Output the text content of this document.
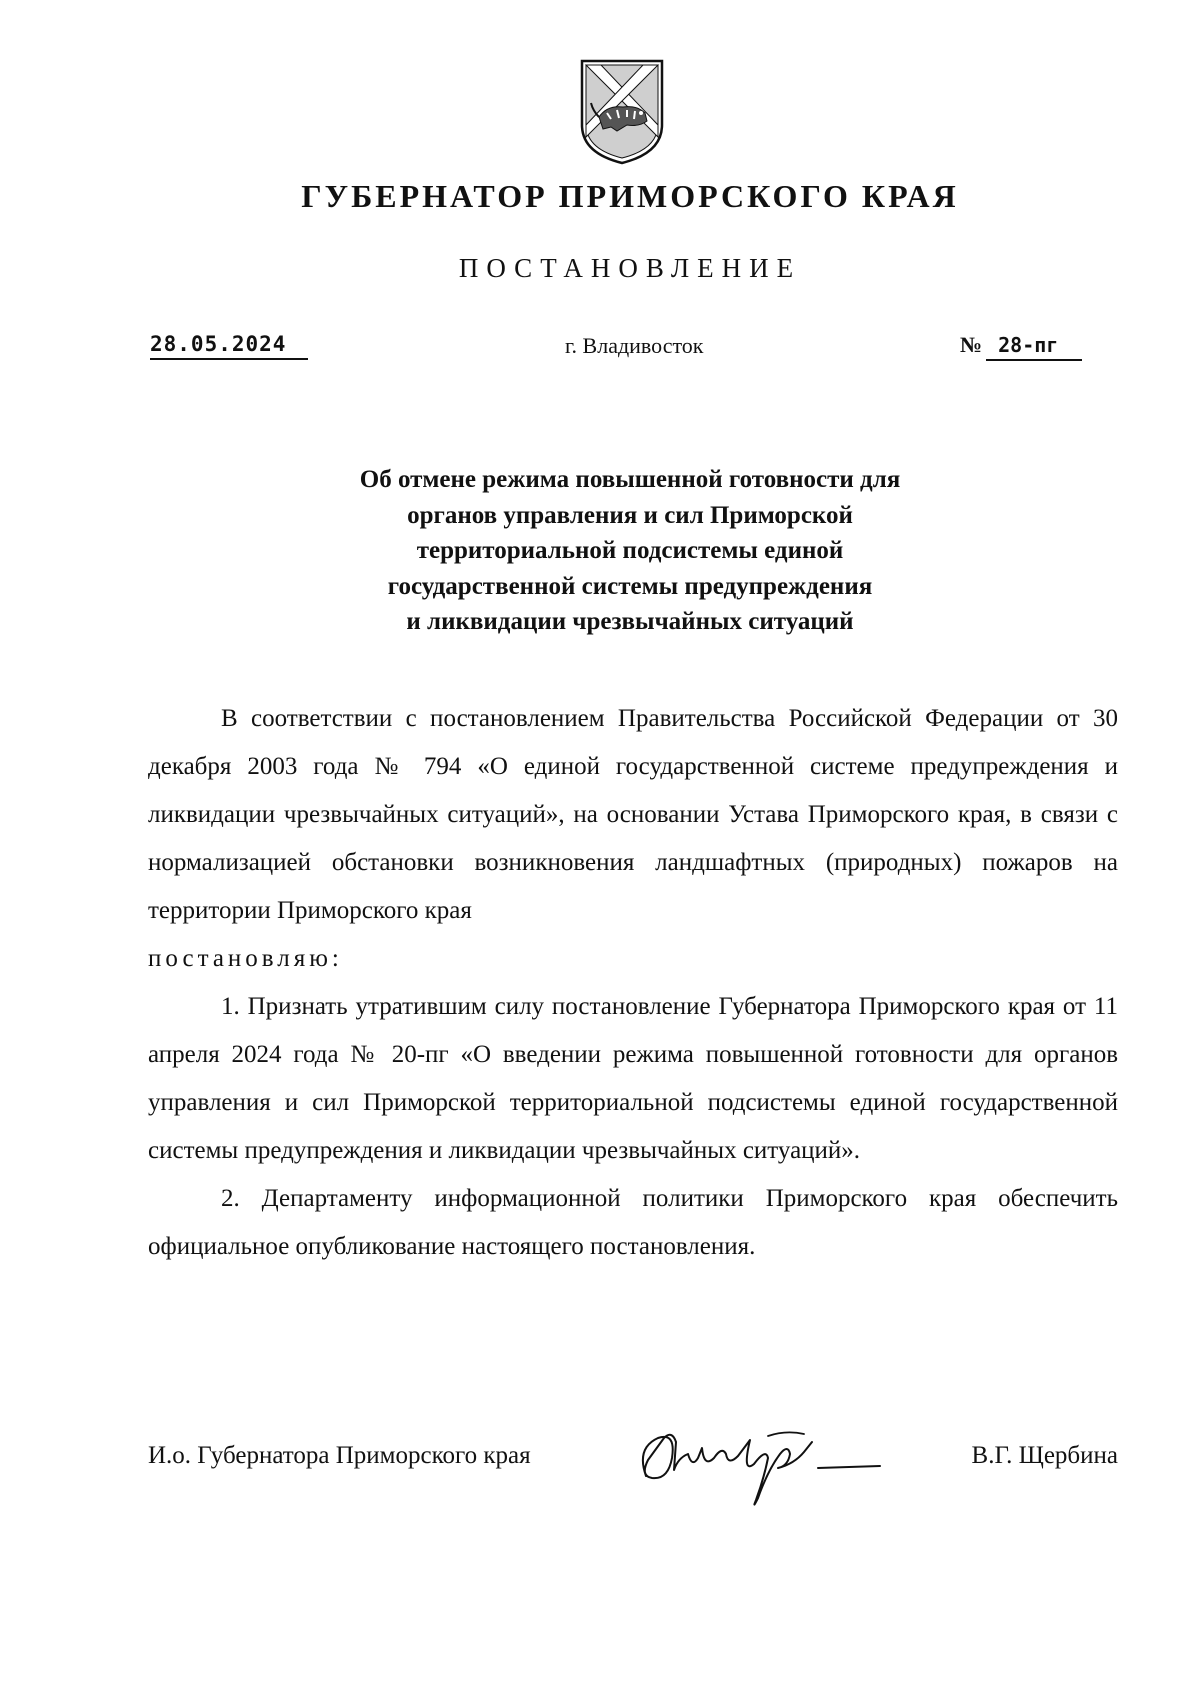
ГУБЕРНАТОР ПРИМОРСКОГО КРАЯ
ПОСТАНОВЛЕНИЕ
28.05.2024	г. Владивосток	№ 28-пг
Об отмене режима повышенной готовности для
органов управления и сил Приморской
территориальной подсистемы единой
государственной системы предупреждения
и ликвидации чрезвычайных ситуаций

В соответствии с постановлением Правительства Российской Федерации от 30 декабря 2003 года № 794 «О единой государственной системе предупреждения и ликвидации чрезвычайных ситуаций», на основании Устава Приморского края, в связи с нормализацией обстановки возникновения ландшафтных (природных) пожаров на территории Приморского края

постановляю:

1. Признать утратившим силу постановление Губернатора Приморского края от 11 апреля 2024 года № 20-пг «О введении режима повышенной готовности для органов управления и сил Приморской территориальной подсистемы единой государственной системы предупреждения и ликвидации чрезвычайных ситуаций».

2. Департаменту информационной политики Приморского края обеспечить официальное опубликование настоящего постановления.

И.о. Губернатора Приморского края	В.Г. Щербина
